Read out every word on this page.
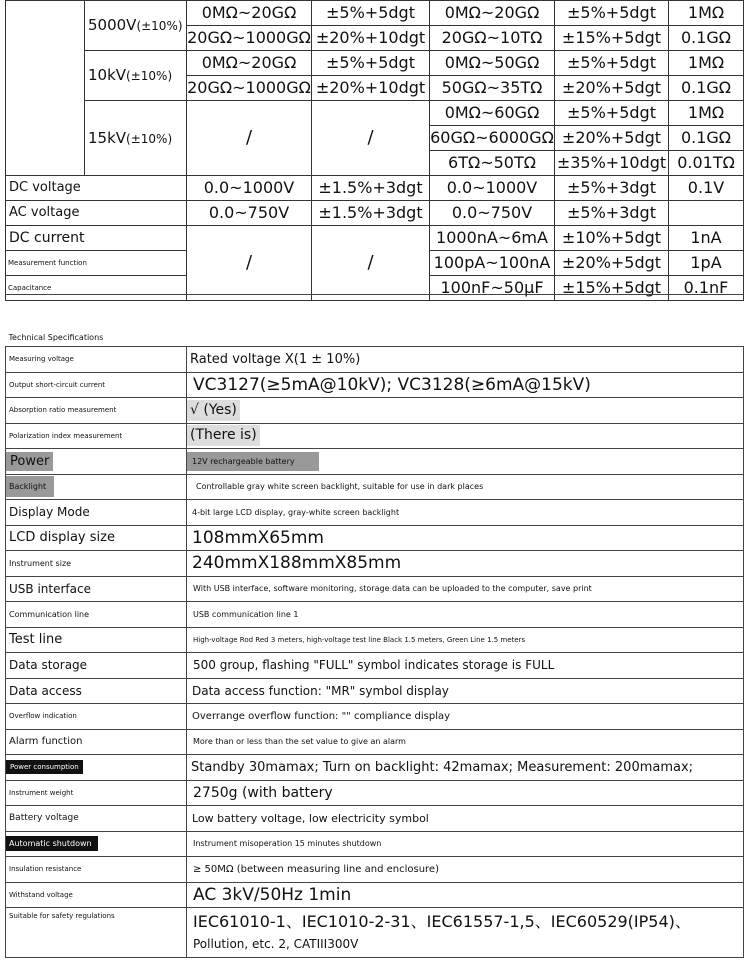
	5000V(±10%)	0MΩ~20GΩ	±5%+5dgt	0MΩ~20GΩ	±5%+5dgt	1MΩ
		20GΩ~1000GΩ	±20%+10dgt	20GΩ~10TΩ	±15%+5dgt	0.1GΩ
	10kV(±10%)	0MΩ~20GΩ	±5%+5dgt	0MΩ~50GΩ	±5%+5dgt	1MΩ
		20GΩ~1000GΩ	±20%+10dgt	50GΩ~35TΩ	±20%+5dgt	0.1GΩ
	15kV(±10%)	/	/	0MΩ~60GΩ	±5%+5dgt	1MΩ
				60GΩ~6000GΩ	±20%+5dgt	0.1GΩ
				6TΩ~50TΩ	±35%+10dgt	0.01TΩ
DC voltage		0.0~1000V	±1.5%+3dgt	0.0~1000V	±5%+3dgt	0.1V
AC voltage		0.0~750V	±1.5%+3dgt	0.0~750V	±5%+3dgt	
DC current		/	/	1000nA~6mA	±10%+5dgt	1nA
Measurement function				100pA~100nA	±20%+5dgt	1pA
Capacitance				100nF~50μF	±15%+5dgt	0.1nF
Technical Specifications	
Measuring voltage	Rated voltage X(1 ± 10%)
Output short-circuit current	VC3127(≥5mA@10kV); VC3128(≥6mA@15kV)
Absorption ratio measurement	√ (Yes)
Polarization index measurement	(There is)
Power	12V rechargeable battery
Backlight	Controllable gray white screen backlight, suitable for use in dark places
Display Mode	4-bit large LCD display, gray-white screen backlight
LCD display size	108mmX65mm
Instrument size	240mmX188mmX85mm
USB interface	With USB interface, software monitoring, storage data can be uploaded to the computer, save print
Communication line	USB communication line 1
Test line	High-voltage Rod Red 3 meters, high-voltage test line Black 1.5 meters, Green Line 1.5 meters
Data storage	500 group, flashing "FULL" symbol indicates storage is FULL
Data access	Data access function: "MR" symbol display
Overflow indication	Overrange overflow function: "" compliance display
Alarm function	More than or less than the set value to give an alarm
Power consumption	Standby 30mamax; Turn on backlight: 42mamax; Measurement: 200mamax;
Instrument weight	2750g (with battery
Battery voltage	Low battery voltage, low electricity symbol
Automatic shutdown	Instrument misoperation 15 minutes shutdown
Insulation resistance	≥ 50MΩ (between measuring line and enclosure)
Withstand voltage	AC 3kV/50Hz 1min
Suitable for safety regulations	IEC61010-1、IEC1010-2-31、IEC61557-1,5、IEC60529(IP54)、
Pollution, etc. 2, CATIII300V
